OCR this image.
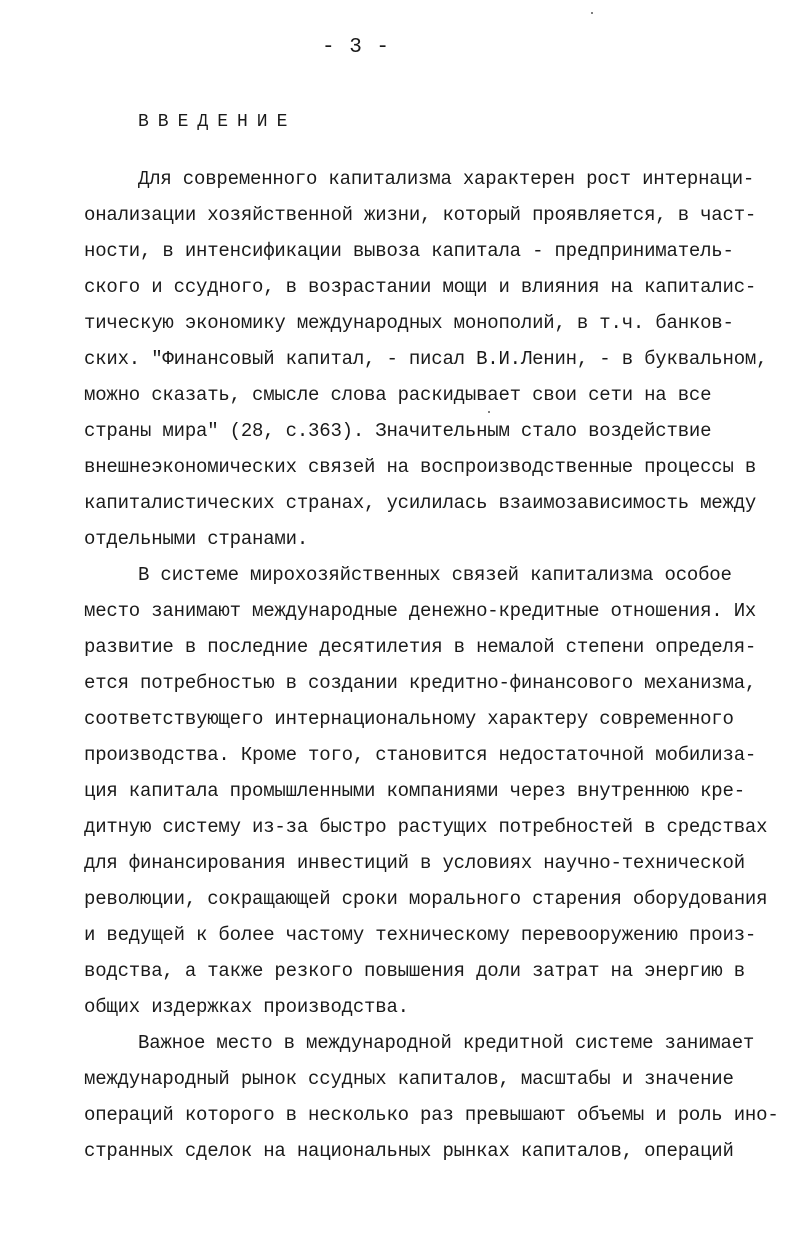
- 3 -
ВВЕДЕНИЕ
Для современного капитализма характерен рост интернаци-
онализации хозяйственной жизни, который проявляется, в част-
ности, в интенсификации вывоза капитала - предприниматель-
ского и ссудного, в возрастании мощи и влияния на капиталис-
тическую экономику международных монополий, в т.ч. банков-
ских. "Финансовый капитал, - писал В.И.Ленин, - в буквальном,
можно сказать, смысле слова раскидывает свои сети на все
страны мира" (28, с.363). Значительным стало воздействие
внешнеэкономических связей на воспроизводственные процессы в
капиталистических странах, усилилась взаимозависимость между
отдельными странами.
В системе мирохозяйственных связей капитализма особое
место занимают международные денежно-кредитные отношения. Их
развитие в последние десятилетия в немалой степени определя-
ется потребностью в создании кредитно-финансового механизма,
соответствующего интернациональному характеру современного
производства. Кроме того, становится недостаточной мобилиза-
ция капитала промышленными компаниями через внутреннюю кре-
дитную систему из-за быстро растущих потребностей в средствах
для финансирования инвестиций в условиях научно-технической
революции, сокращающей сроки морального старения оборудования
и ведущей к более частому техническому перевооружению произ-
водства, а также резкого повышения доли затрат на энергию в
общих издержках производства.
Важное место в международной кредитной системе занимает
международный рынок ссудных капиталов, масштабы и значение
операций которого в несколько раз превышают объемы и роль ино-
странных сделок на национальных рынках капиталов, операций
